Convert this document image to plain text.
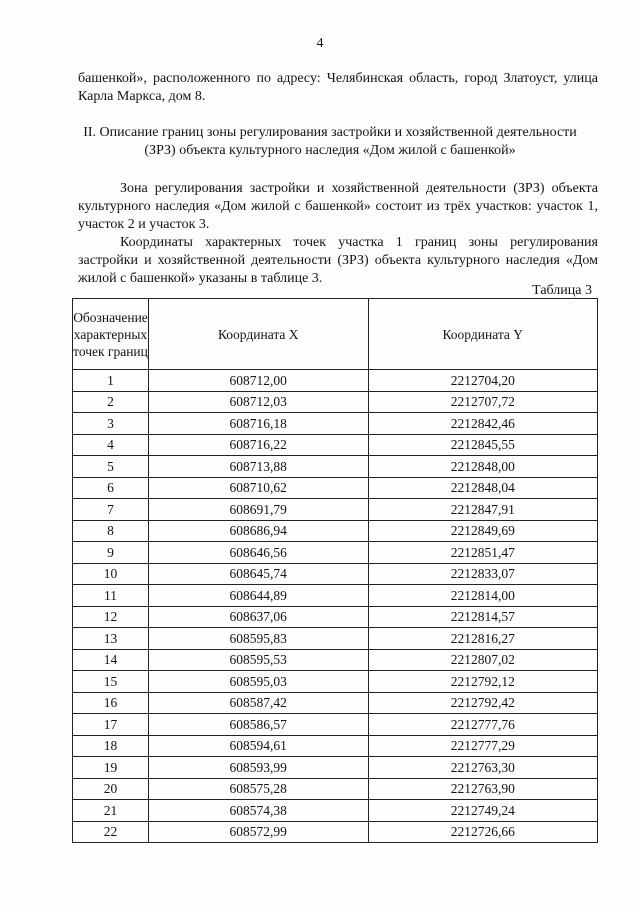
4

башенкой», расположенного по адресу: Челябинская область, город Златоуст, улица Карла Маркса, дом 8.

II. Описание границ зоны регулирования застройки и хозяйственной деятельности (ЗРЗ) объекта культурного наследия «Дом жилой с башенкой»

Зона регулирования застройки и хозяйственной деятельности (ЗРЗ) объекта культурного наследия «Дом жилой с башенкой» состоит из трёх участков: участок 1, участок 2 и участок 3.

Координаты характерных точек участка 1 границ зоны регулирования застройки и хозяйственной деятельности (ЗРЗ) объекта культурного наследия «Дом жилой с башенкой» указаны в таблице 3.

Таблица 3
Обозначение характерных точек границ	Координата X	Координата Y
1	608712,00	2212704,20
2	608712,03	2212707,72
3	608716,18	2212842,46
4	608716,22	2212845,55
5	608713,88	2212848,00
6	608710,62	2212848,04
7	608691,79	2212847,91
8	608686,94	2212849,69
9	608646,56	2212851,47
10	608645,74	2212833,07
11	608644,89	2212814,00
12	608637,06	2212814,57
13	608595,83	2212816,27
14	608595,53	2212807,02
15	608595,03	2212792,12
16	608587,42	2212792,42
17	608586,57	2212777,76
18	608594,61	2212777,29
19	608593,99	2212763,30
20	608575,28	2212763,90
21	608574,38	2212749,24
22	608572,99	2212726,66
